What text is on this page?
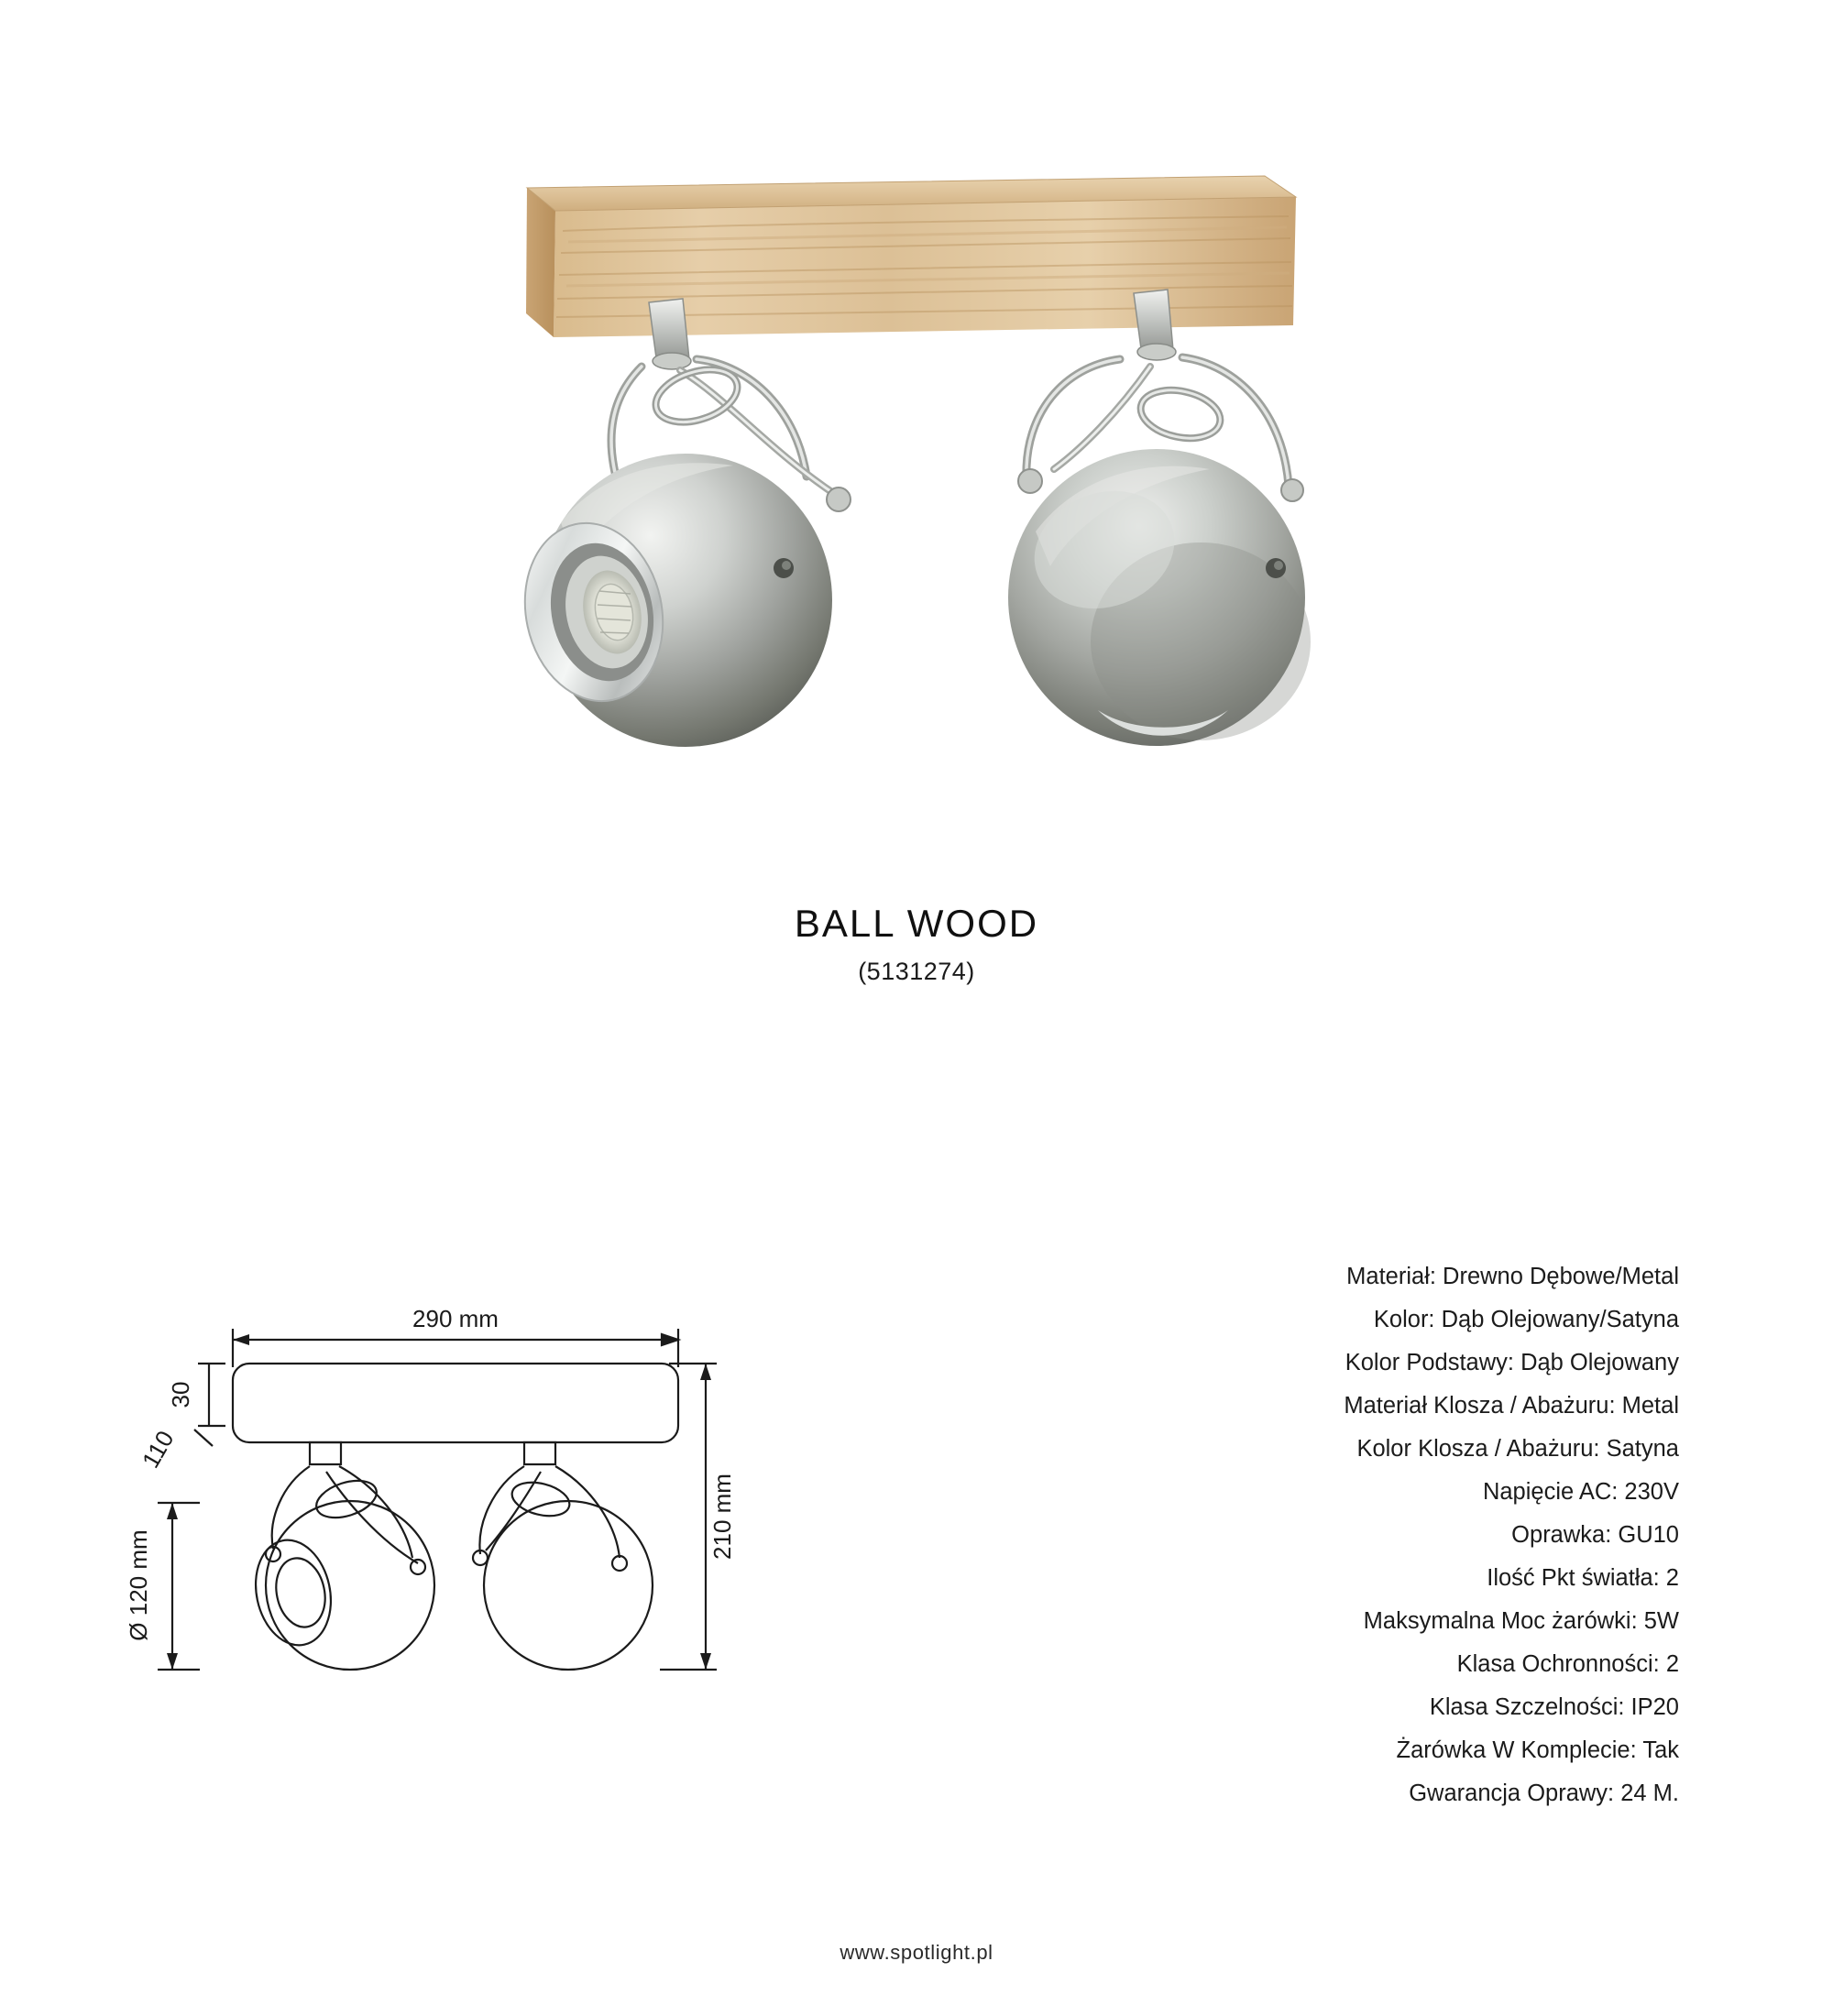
BALL WOOD
(5131274)
290 mm
210 mm
30
110
Ø 120 mm
Materiał: Drewno Dębowe/Metal
Kolor: Dąb Olejowany/Satyna
Kolor Podstawy: Dąb Olejowany
Materiał Klosza / Abażuru: Metal
Kolor Klosza / Abażuru: Satyna
Napięcie AC: 230V
Oprawka: GU10
Ilość Pkt światła: 2
Maksymalna Moc żarówki: 5W
Klasa Ochronności: 2
Klasa Szczelności: IP20
Żarówka W Komplecie: Tak
Gwarancja Oprawy: 24 M.
www.spotlight.pl
